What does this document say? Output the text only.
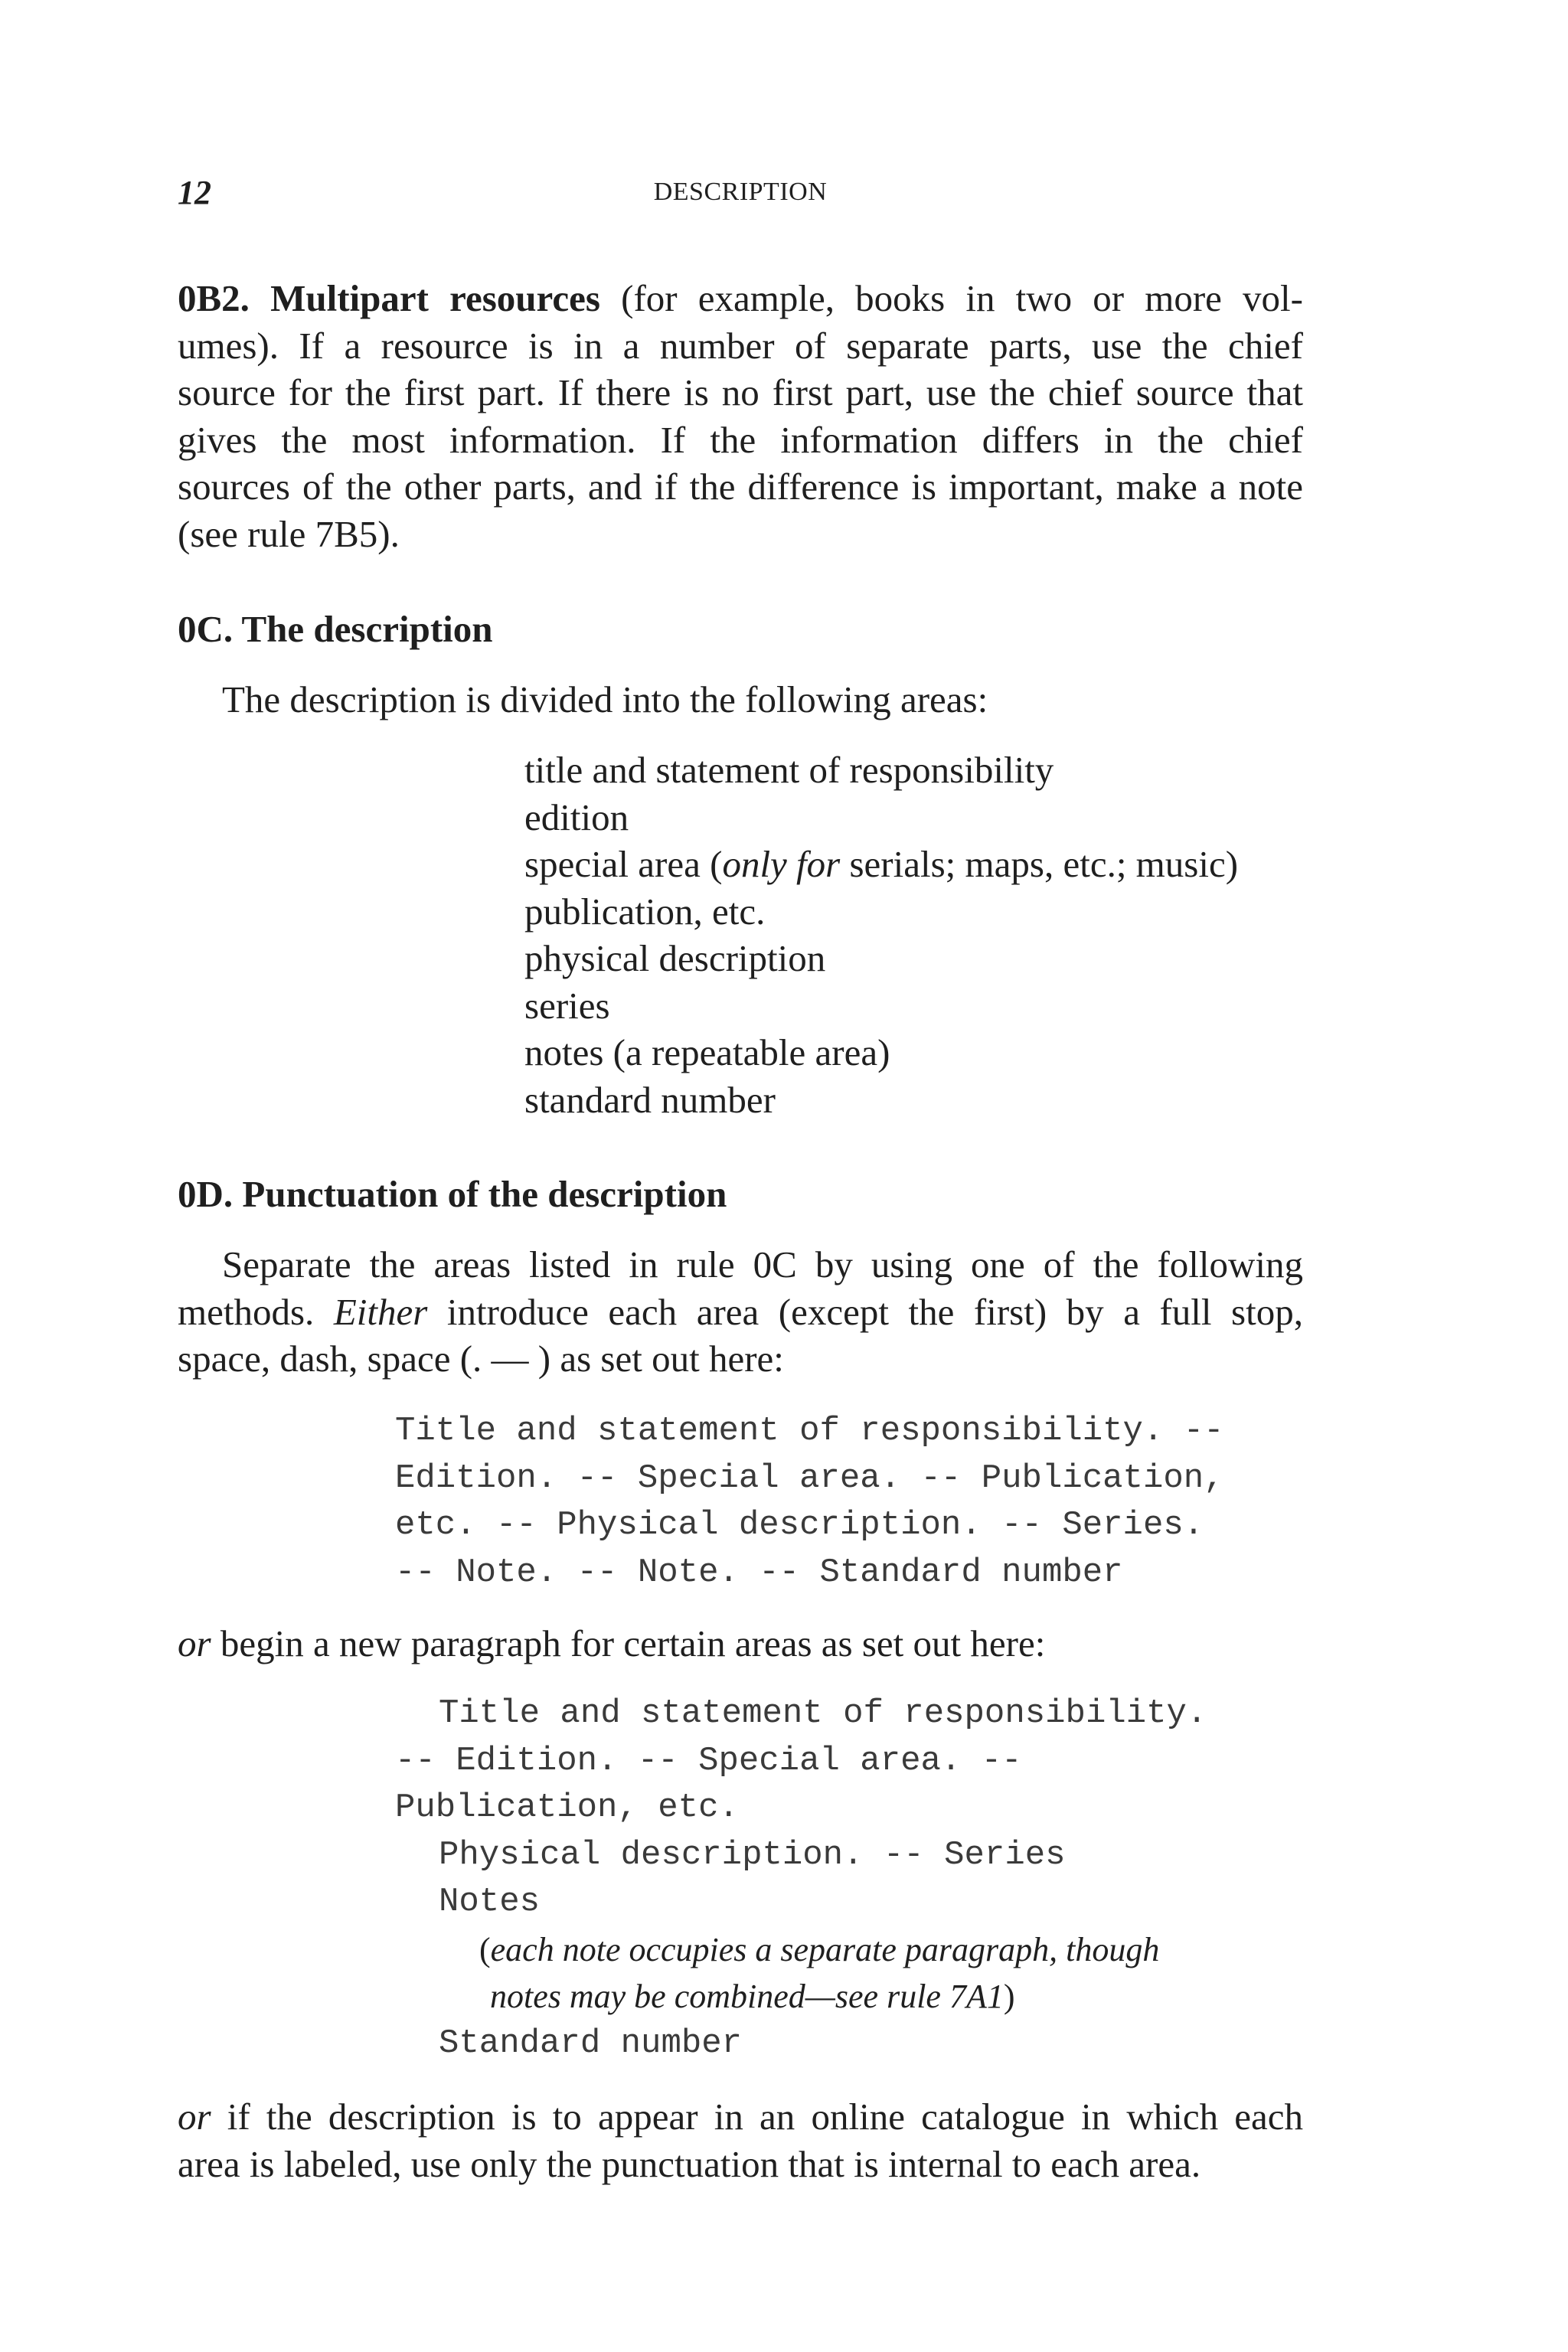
12	DESCRIPTION
0B2. Multipart resources (for example, books in two or more vol-
umes). If a resource is in a number of separate parts, use the chief
source for the first part. If there is no first part, use the chief source that
gives the most information. If the information differs in the chief
sources of the other parts, and if the difference is important, make a note
(see rule 7B5).
0C. The description
The description is divided into the following areas:
title and statement of responsibility
edition
special area (only for serials; maps, etc.; music)
publication, etc.
physical description
series
notes (a repeatable area)
standard number
0D. Punctuation of the description
Separate the areas listed in rule 0C by using one of the following
methods. Either introduce each area (except the first) by a full stop,
space, dash, space (. — ) as set out here:
Title and statement of responsibility. --
Edition. -- Special area. -- Publication,
etc. -- Physical description. -- Series.
-- Note. -- Note. -- Standard number
or begin a new paragraph for certain areas as set out here:
Title and statement of responsibility.
-- Edition. -- Special area. --
Publication, etc.
Physical description. -- Series
Notes
(each note occupies a separate paragraph, though
notes may be combined—see rule 7A1)
Standard number
or if the description is to appear in an online catalogue in which each
area is labeled, use only the punctuation that is internal to each area.
